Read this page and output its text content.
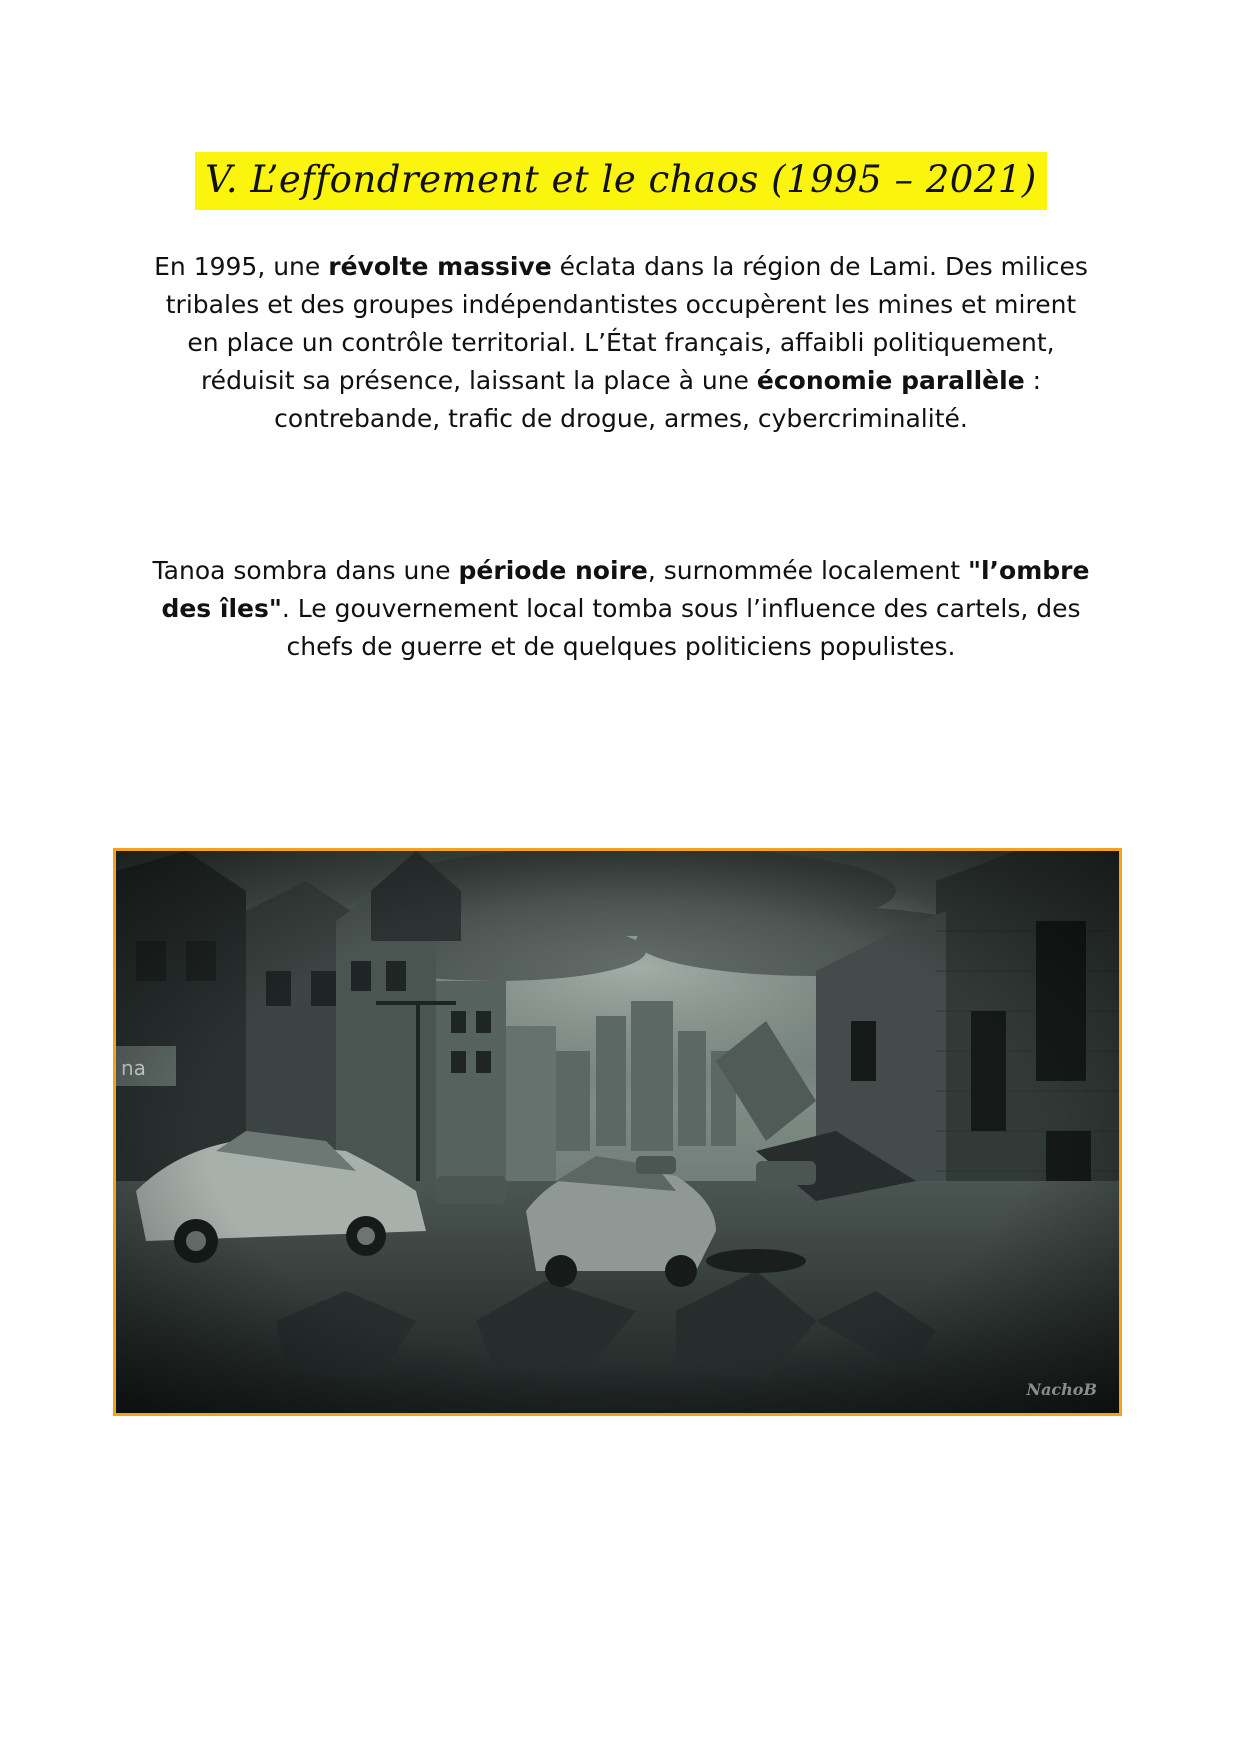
V. L’effondrement et le chaos (1995 – 2021)

En 1995, une révolte massive éclata dans la région de Lami. Des milices tribales et des groupes indépendantistes occupèrent les mines et mirent en place un contrôle territorial. L’État français, affaibli politiquement, réduisit sa présence, laissant la place à une économie parallèle : contrebande, trafic de drogue, armes, cybercriminalité.

Tanoa sombra dans une période noire, surnommée localement "l’ombre des îles". Le gouvernement local tomba sous l’influence des cartels, des chefs de guerre et de quelques politiciens populistes.

NachoB
